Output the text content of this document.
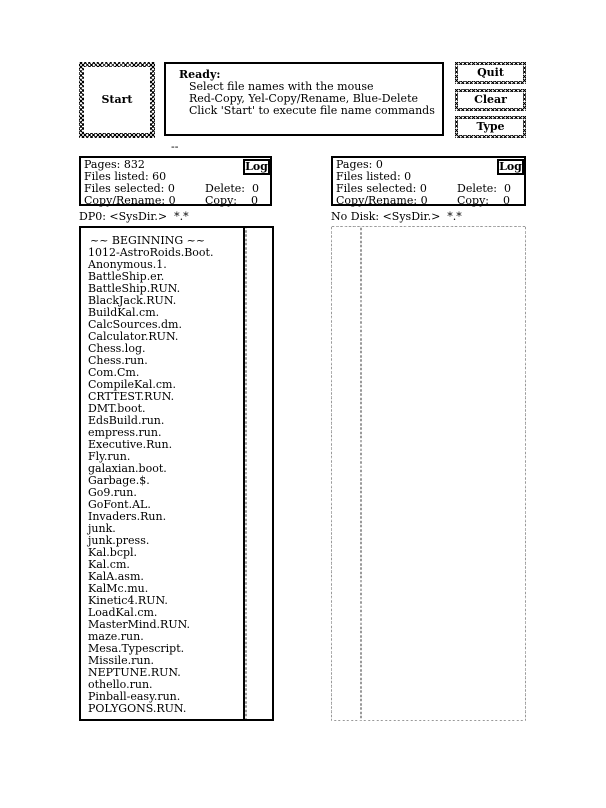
Start
Ready:
Select file names with the mouse
Red-Copy, Yel-Copy/Rename, Blue-Delete
Click 'Start' to execute file name commands
Quit
Clear
Type
--
Pages: 832
Files listed: 60
Files selected: 0
Copy/Rename: 0
Delete:  0
Copy:    0
Log
DP0: <SysDir.>  *.*
~~ BEGINNING ~~
1012-AstroRoids.Boot.
Anonymous.1.
BattleShip.er.
BattleShip.RUN.
BlackJack.RUN.
BuildKal.cm.
CalcSources.dm.
Calculator.RUN.
Chess.log.
Chess.run.
Com.Cm.
CompileKal.cm.
CRTTEST.RUN.
DMT.boot.
EdsBuild.run.
empress.run.
Executive.Run.
Fly.run.
galaxian.boot.
Garbage.$.
Go9.run.
GoFont.AL.
Invaders.Run.
junk.
junk.press.
Kal.bcpl.
Kal.cm.
KalA.asm.
KalMc.mu.
Kinetic4.RUN.
LoadKal.cm.
MasterMind.RUN.
maze.run.
Mesa.Typescript.
Missile.run.
NEPTUNE.RUN.
othello.run.
Pinball-easy.run.
POLYGONS.RUN.
Pages: 0
Files listed: 0
Files selected: 0
Copy/Rename: 0
Delete:  0
Copy:    0
Log
No Disk: <SysDir.>  *.*
